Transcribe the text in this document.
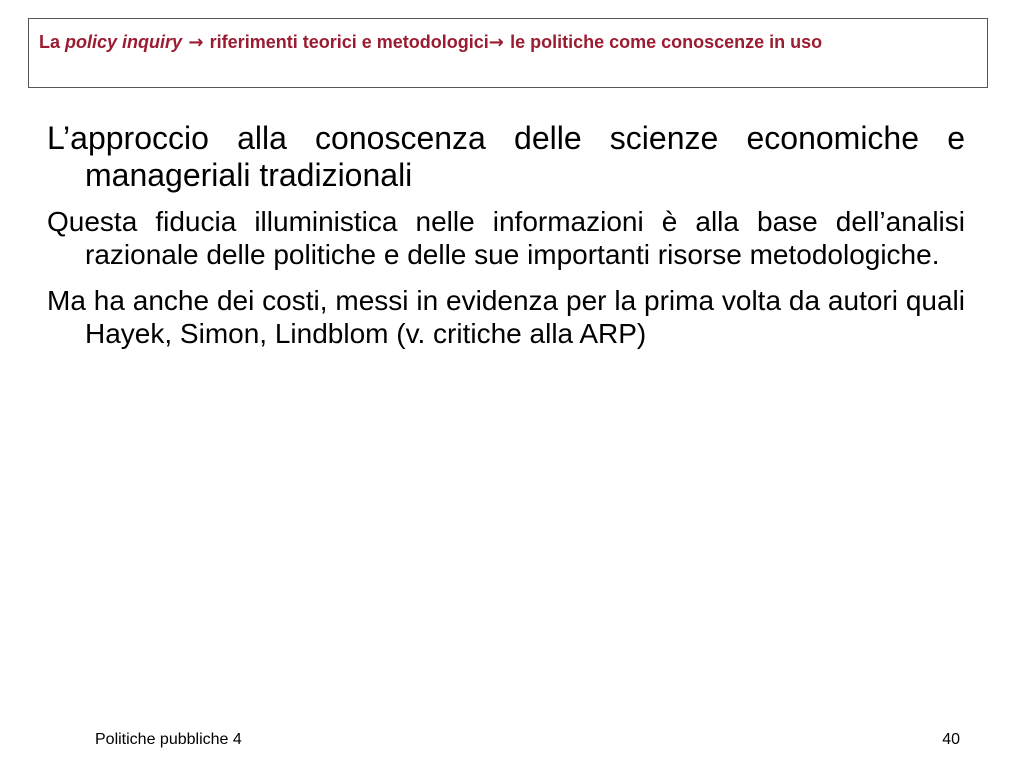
La policy inquiry → riferimenti teorici e metodologici→ le politiche come conoscenze in uso

L’approccio alla conoscenza delle scienze economiche e manageriali tradizionali

Questa fiducia illuministica nelle informazioni è alla base dell’analisi razionale delle politiche e delle sue importanti risorse metodologiche.

Ma ha anche dei costi, messi in evidenza per la prima volta da autori quali Hayek, Simon, Lindblom (v. critiche alla ARP)

Politiche pubbliche 4	40
